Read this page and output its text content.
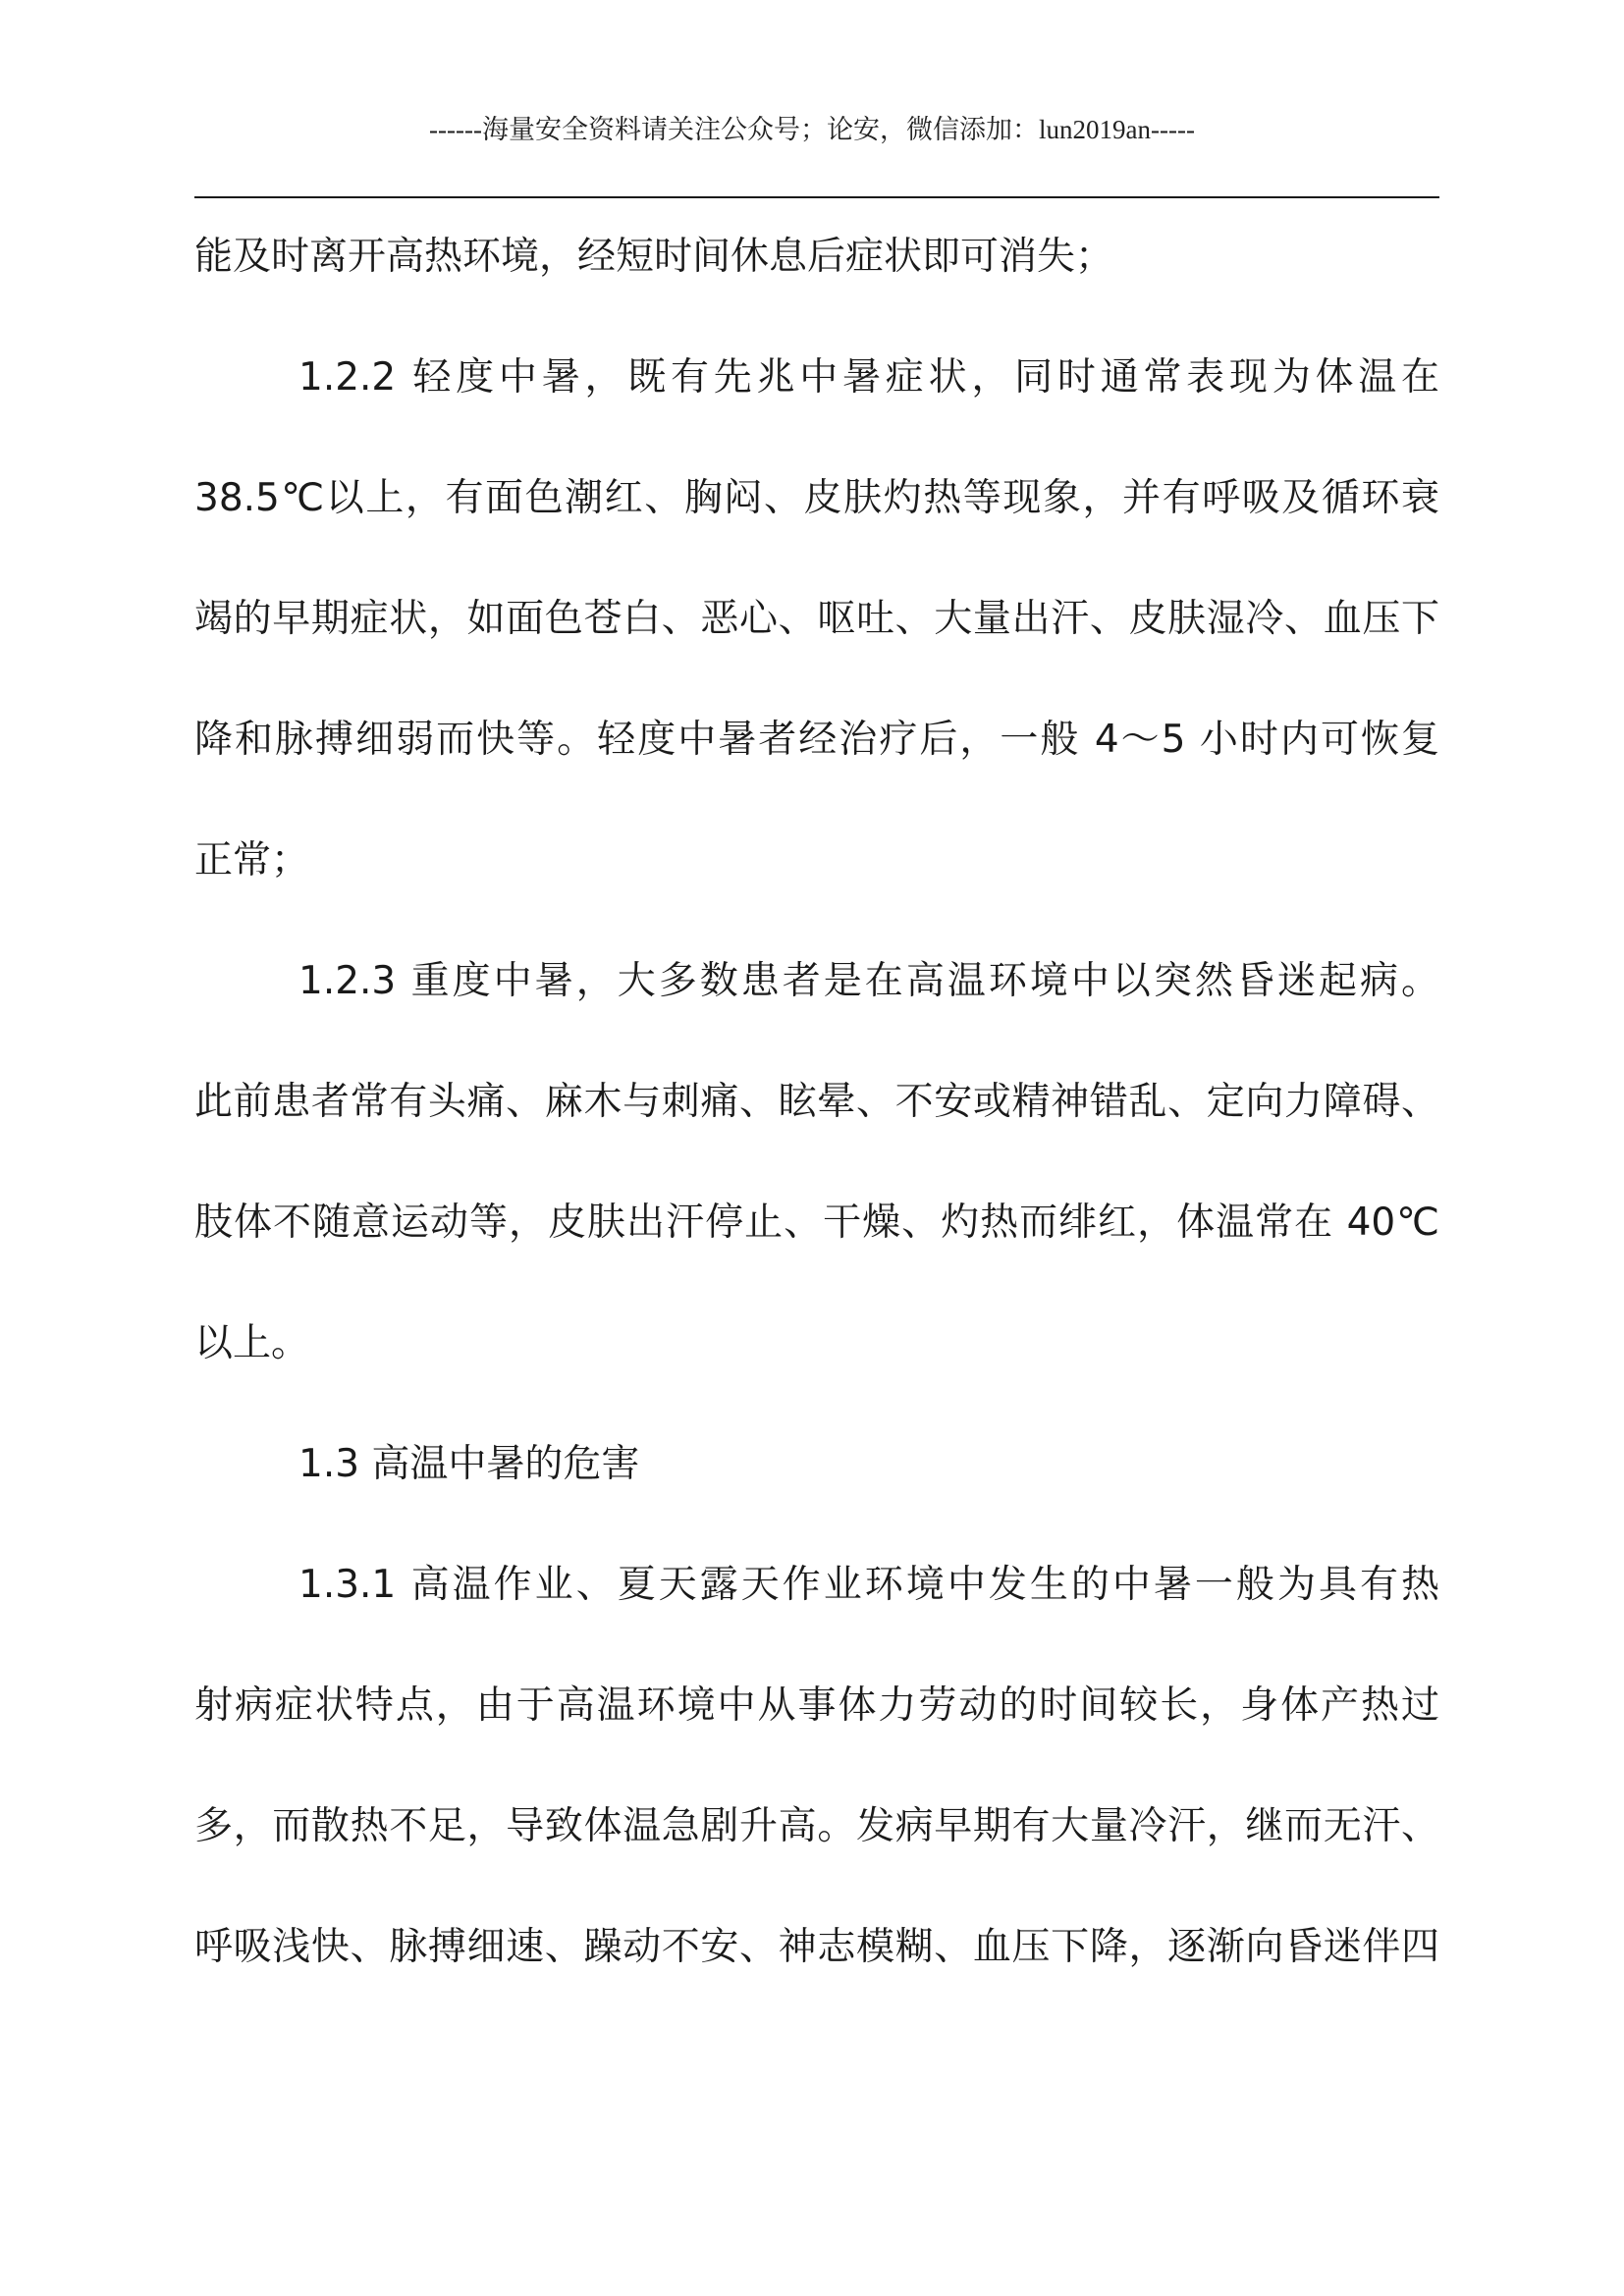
------海量安全资料请关注公众号；论安，微信添加：lun2019an-----
能及时离开高热环境，经短时间休息后症状即可消失；
1.2.2 轻度中暑，既有先兆中暑症状，同时通常表现为体温在
38.5℃以上，有面色潮红、胸闷、皮肤灼热等现象，并有呼吸及循环衰
竭的早期症状，如面色苍白、恶心、呕吐、大量出汗、皮肤湿冷、血压下
降和脉搏细弱而快等。轻度中暑者经治疗后，一般 4～5 小时内可恢复
正常；
1.2.3 重度中暑，大多数患者是在高温环境中以突然昏迷起病。
此前患者常有头痛、麻木与刺痛、眩晕、不安或精神错乱、定向力障碍、
肢体不随意运动等，皮肤出汗停止、干燥、灼热而绯红，体温常在 40℃
以上。
1.3 高温中暑的危害
1.3.1 高温作业、夏天露天作业环境中发生的中暑一般为具有热
射病症状特点，由于高温环境中从事体力劳动的时间较长，身体产热过
多，而散热不足，导致体温急剧升高。发病早期有大量冷汗，继而无汗、
呼吸浅快、脉搏细速、躁动不安、神志模糊、血压下降，逐渐向昏迷伴四
